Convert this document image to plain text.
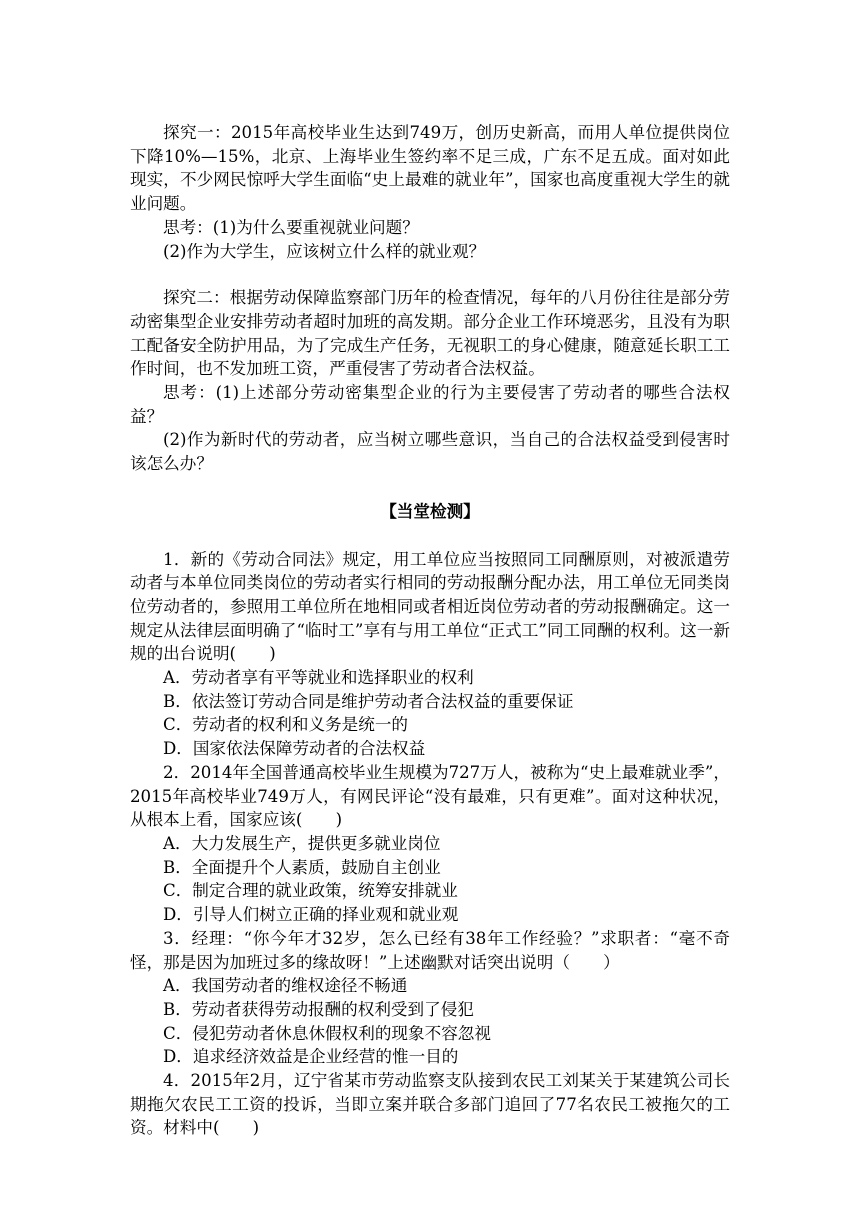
探究一：2015年高校毕业生达到749万，创历史新高，而用人单位提供岗位下降10%—15%，北京、上海毕业生签约率不足三成，广东不足五成。面对如此现实，不少网民惊呼大学生面临“史上最难的就业年”，国家也高度重视大学生的就业问题。

思考：(1)为什么要重视就业问题？

(2)作为大学生，应该树立什么样的就业观？

探究二：根据劳动保障监察部门历年的检查情况，每年的八月份往往是部分劳动密集型企业安排劳动者超时加班的高发期。部分企业工作环境恶劣，且没有为职工配备安全防护用品，为了完成生产任务，无视职工的身心健康，随意延长职工工作时间，也不发加班工资，严重侵害了劳动者合法权益。

思考：(1)上述部分劳动密集型企业的行为主要侵害了劳动者的哪些合法权益？

(2)作为新时代的劳动者，应当树立哪些意识，当自己的合法权益受到侵害时该怎么办？

【当堂检测】

1．新的《劳动合同法》规定，用工单位应当按照同工同酬原则，对被派遣劳动者与本单位同类岗位的劳动者实行相同的劳动报酬分配办法，用工单位无同类岗位劳动者的，参照用工单位所在地相同或者相近岗位劳动者的劳动报酬确定。这一规定从法律层面明确了“临时工”享有与用工单位“正式工”同工同酬的权利。这一新规的出台说明(　　)

A．劳动者享有平等就业和选择职业的权利

B．依法签订劳动合同是维护劳动者合法权益的重要保证

C．劳动者的权利和义务是统一的

D．国家依法保障劳动者的合法权益

2．2014年全国普通高校毕业生规模为727万人，被称为“史上最难就业季”，2015年高校毕业749万人，有网民评论“没有最难，只有更难”。面对这种状况，从根本上看，国家应该(　　)

A．大力发展生产，提供更多就业岗位

B．全面提升个人素质，鼓励自主创业

C．制定合理的就业政策，统筹安排就业

D．引导人们树立正确的择业观和就业观

3．经理：“你今年才32岁，怎么已经有38年工作经验？”求职者：“毫不奇怪，那是因为加班过多的缘故呀！”上述幽默对话突出说明（　　）

A．我国劳动者的维权途径不畅通

B．劳动者获得劳动报酬的权利受到了侵犯

C．侵犯劳动者休息休假权利的现象不容忽视

D．追求经济效益是企业经营的惟一目的

4．2015年2月，辽宁省某市劳动监察支队接到农民工刘某关于某建筑公司长期拖欠农民工工资的投诉，当即立案并联合多部门追回了77名农民工被拖欠的工资。材料中(　　)
